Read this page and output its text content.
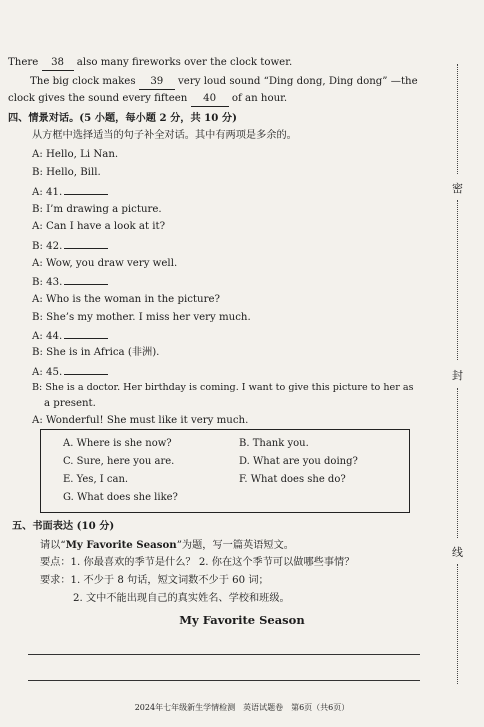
There 38 also many fireworks over the clock tower.
The big clock makes 39 very loud sound “Ding dong, Ding dong” —the
clock gives the sound every fifteen 40 of an hour.
四、情景对话。(5 小题，每小题 2 分，共 10 分)
从方框中选择适当的句子补全对话。其中有两项是多余的。
A: Hello, Li Nan.
B: Hello, Bill.
A: 41.
B: I’m drawing a picture.
A: Can I have a look at it?
B: 42.
A: Wow, you draw very well.
B: 43.
A: Who is the woman in the picture?
B: She’s my mother. I miss her very much.
A: 44.
B: She is in Africa (非洲).
A: 45.
B: She is a doctor. Her birthday is coming. I want to give this picture to her as
a present.
A: Wonderful! She must like it very much.
A. Where is she now?	B. Thank you.
C. Sure, here you are.	D. What are you doing?
E. Yes, I can.	F. What does she do?
G. What does she like?
五、书面表达 (10 分)
请以“My Favorite Season”为题，写一篇英语短文。
要点：1. 你最喜欢的季节是什么？ 2. 你在这个季节可以做哪些事情？
要求：1. 不少于 8 句话，短文词数不少于 60 词；
2. 文中不能出现自己的真实姓名、学校和班级。
My Favorite Season
密
封
线
2024年七年级新生学情检测　英语试题卷　第6页（共6页）
